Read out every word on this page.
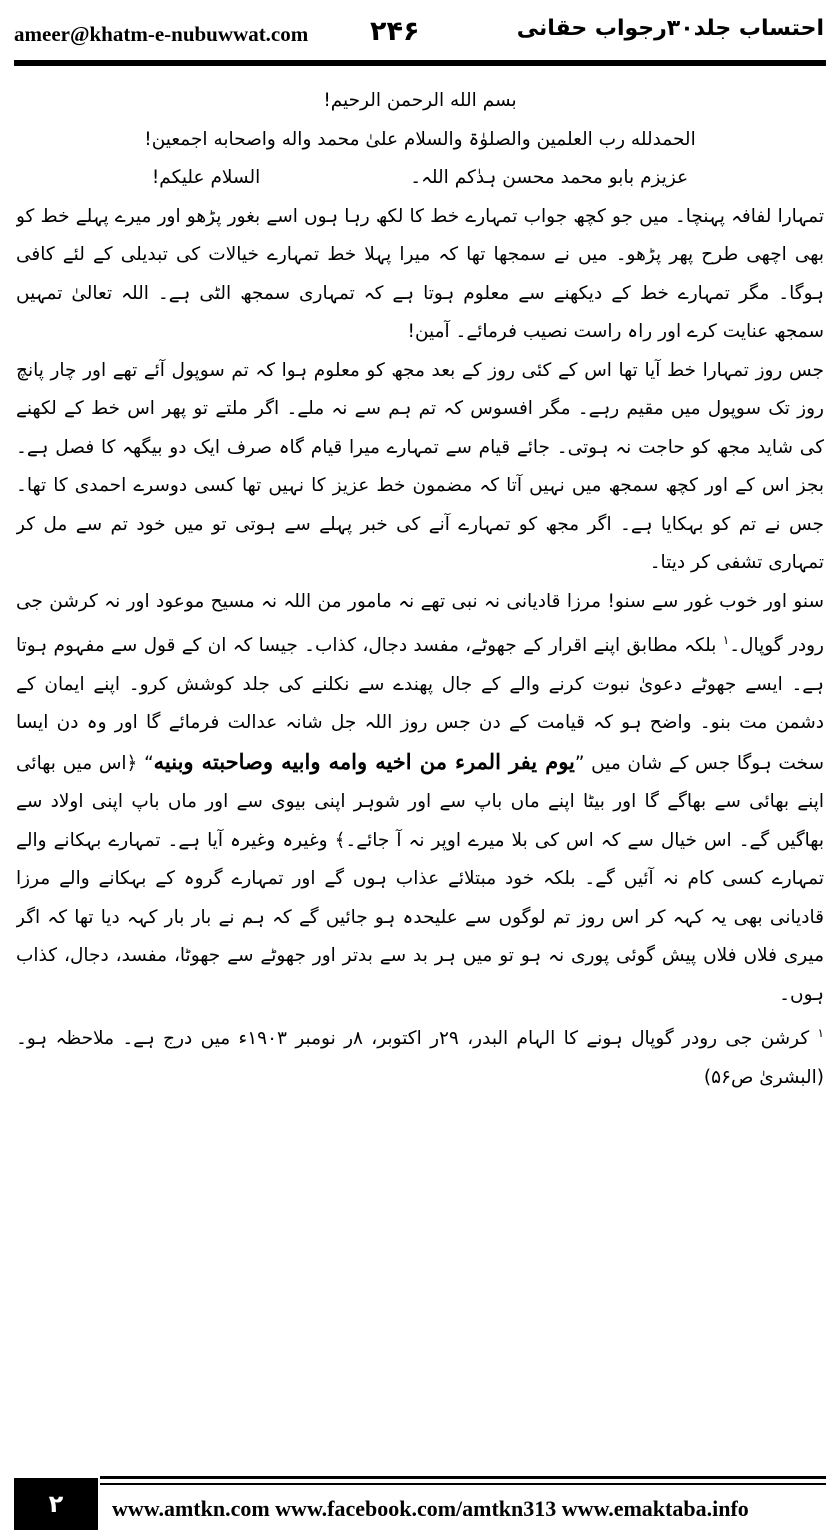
ameer@khatm-e-nubuwwat.com ۲۴۶	احتساب جلد۳۰رجواب حقانی

بسم الله الرحمن الرحیم!

الحمدلله رب العلمین والصلوٰۃ والسلام علیٰ محمد واله واصحابه اجمعین!

عزیزم بابو محمد محسن ہدٰکم اللہ۔
السلام علیکم!

تمہارا لفافہ پہنچا۔ میں جو کچھ جواب تمہارے خط کا لکھ رہا ہوں اسے بغور پڑھو اور میرے پہلے خط کو بھی اچھی طرح پھر پڑھو۔ میں نے سمجھا تھا کہ میرا پہلا خط تمہارے خیالات کی تبدیلی کے لئے کافی ہوگا۔ مگر تمہارے خط کے دیکھنے سے معلوم ہوتا ہے کہ تمہاری سمجھ الٹی ہے۔ اللہ تعالیٰ تمہیں سمجھ عنایت کرے اور راہ راست نصیب فرمائے۔ آمین!

جس روز تمہارا خط آیا تھا اس کے کئی روز کے بعد مجھ کو معلوم ہوا کہ تم سوپول آئے تھے اور چار پانچ روز تک سوپول میں مقیم رہے۔ مگر افسوس کہ تم ہم سے نہ ملے۔ اگر ملتے تو پھر اس خط کے لکھنے کی شاید مجھ کو حاجت نہ ہوتی۔ جائے قیام سے تمہارے میرا قیام گاہ صرف ایک دو بیگھہ کا فصل ہے۔ بجز اس کے اور کچھ سمجھ میں نہیں آتا کہ مضمون خط عزیز کا نہیں تھا کسی دوسرے احمدی کا تھا۔ جس نے تم کو بہکایا ہے۔ اگر مجھ کو تمہارے آنے کی خبر پہلے سے ہوتی تو میں خود تم سے مل کر تمہاری تشفی کر دیتا۔

سنو اور خوب غور سے سنو! مرزا قادیانی نہ نبی تھے نہ مامور من اللہ نہ مسیح موعود اور نہ کرشن جی رودر گوپال۔$^۱$ بلکہ مطابق اپنے اقرار کے جھوٹے، مفسد دجال، کذاب۔ جیسا کہ ان کے قول سے مفہوم ہوتا ہے۔ ایسے جھوٹے دعویٰ نبوت کرنے والے کے جال پھندے سے نکلنے کی جلد کوشش کرو۔ اپنے ایمان کے دشمن مت بنو۔ واضح ہو کہ قیامت کے دن جس روز اللہ جل شانہ عدالت فرمائے گا اور وہ دن ایسا سخت ہوگا جس کے شان میں ”یوم یفر المرء من اخیه وامه وابیه وصاحبته وبنیه“ ﴿اس میں بھائی اپنے بھائی سے بھاگے گا اور بیٹا اپنے ماں باپ سے اور شوہر اپنی بیوی سے اور ماں باپ اپنی اولاد سے بھاگیں گے۔ اس خیال سے کہ اس کی بلا میرے اوپر نہ آ جائے۔﴾ وغیرہ وغیرہ آیا ہے۔ تمہارے بہکانے والے تمہارے کسی کام نہ آئیں گے۔ بلکہ خود مبتلائے عذاب ہوں گے اور تمہارے گروہ کے بہکانے والے مرزا قادیانی بھی یہ کہہ کر اس روز تم لوگوں سے علیحدہ ہو جائیں گے کہ ہم نے بار بار کہہ دیا تھا کہ اگر میری فلاں فلاں پیش گوئی پوری نہ ہو تو میں ہر بد سے بدتر اور جھوٹے سے جھوٹا، مفسد، دجال، کذاب ہوں۔

$^۱$ کرشن جی رودر گوپال ہونے کا الہام البدر، ۲۹ر اکتوبر، ۸ر نومبر ۱۹۰۳ء میں درج ہے۔ ملاحظہ ہو۔ (البشریٰ ص۵۶)

۲	www.amtkn.com www.facebook.com/amtkn313 www.emaktaba.info
